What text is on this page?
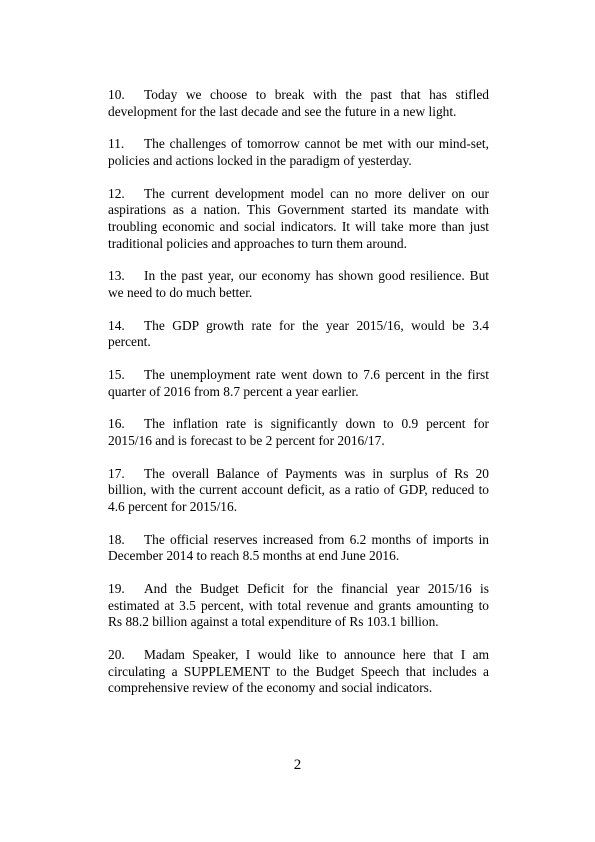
10. Today we choose to break with the past that has stifled development for the last decade and see the future in a new light.

11. The challenges of tomorrow cannot be met with our mind-set, policies and actions locked in the paradigm of yesterday.

12. The current development model can no more deliver on our aspirations as a nation. This Government started its mandate with troubling economic and social indicators. It will take more than just traditional policies and approaches to turn them around.

13. In the past year, our economy has shown good resilience. But we need to do much better.

14. The GDP growth rate for the year 2015/16, would be 3.4 percent.

15. The unemployment rate went down to 7.6 percent in the first quarter of 2016 from 8.7 percent a year earlier.

16. The inflation rate is significantly down to 0.9 percent for 2015/16 and is forecast to be 2 percent for 2016/17.

17. The overall Balance of Payments was in surplus of Rs 20 billion, with the current account deficit, as a ratio of GDP, reduced to 4.6 percent for 2015/16.

18. The official reserves increased from 6.2 months of imports in December 2014 to reach 8.5 months at end June 2016.

19. And the Budget Deficit for the financial year 2015/16 is estimated at 3.5 percent, with total revenue and grants amounting to Rs 88.2 billion against a total expenditure of Rs 103.1 billion.

20. Madam Speaker, I would like to announce here that I am circulating a SUPPLEMENT to the Budget Speech that includes a comprehensive review of the economy and social indicators.

2
